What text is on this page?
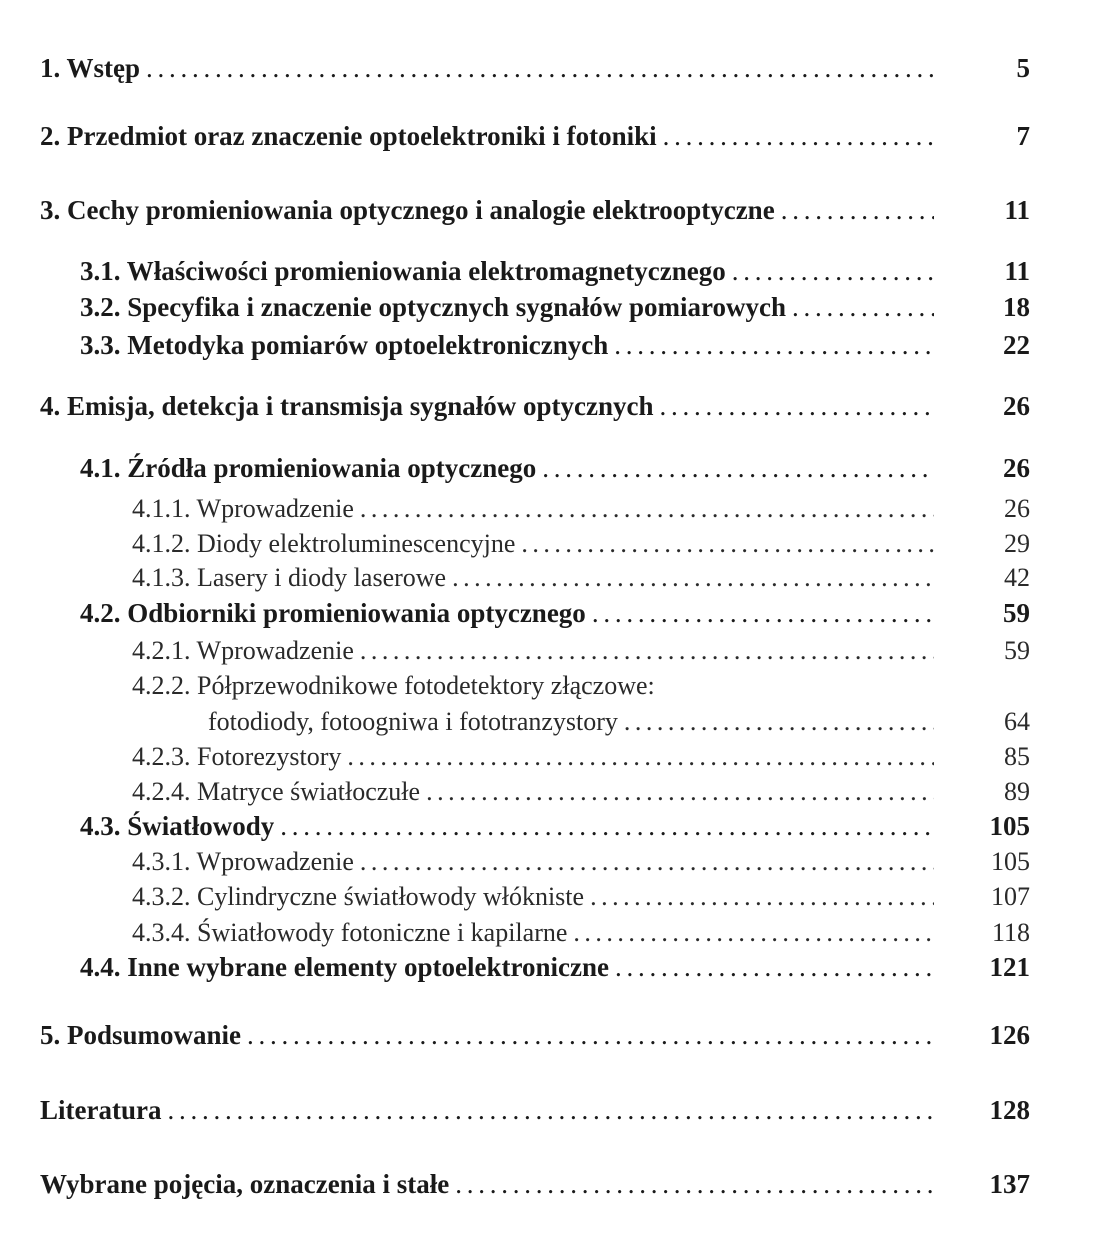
1. Wstęp . . .	5
2. Przedmiot oraz znaczenie optoelektroniki i fotoniki . . .	7
3. Cechy promieniowania optycznego i analogie elektrooptyczne . . .	11
3.1. Właściwości promieniowania elektromagnetycznego . . .	11
3.2. Specyfika i znaczenie optycznych sygnałów pomiarowych . . .	18
3.3. Metodyka pomiarów optoelektronicznych . . .	22
4. Emisja, detekcja i transmisja sygnałów optycznych . . .	26
4.1. Źródła promieniowania optycznego . . .	26
4.1.1. Wprowadzenie . . .	26
4.1.2. Diody elektroluminescencyjne . . .	29
4.1.3. Lasery i diody laserowe . . .	42
4.2. Odbiorniki promieniowania optycznego . . .	59
4.2.1. Wprowadzenie . . .	59
4.2.2. Półprzewodnikowe fotodetektory złączowe:
fotodiody, fotoogniwa i fototranzystory . . .	64
4.2.3. Fotorezystory . . .	85
4.2.4. Matryce światłoczułe . . .	89
4.3. Światłowody . . .	105
4.3.1. Wprowadzenie . . .	105
4.3.2. Cylindryczne światłowody włókniste . . .	107
4.3.4. Światłowody fotoniczne i kapilarne . . .	118
4.4. Inne wybrane elementy optoelektroniczne . . .	121
5. Podsumowanie . . .	126
Literatura . . .	128
Wybrane pojęcia, oznaczenia i stałe . . .	137
